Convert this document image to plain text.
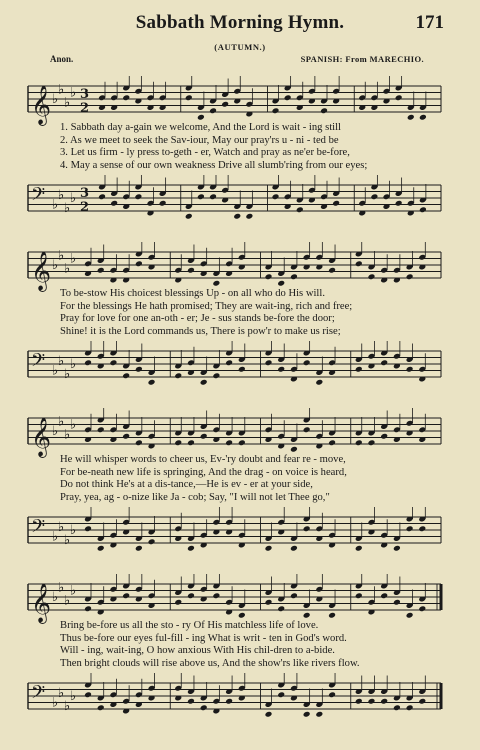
Sabbath Morning Hymn.	171
(AUTUMN.)
Anon.	SPANISH: From MARECHIO.
𝄞 ♭
♭
♭
♭ 3
2
1. Sabbath day a-gain we welcome, And the Lord is wait - ing still
2. As we meet to seek the Sav-iour, May our pray'rs u - ni - ted be
3. Let us firm - ly press to-geth - er, Watch and pray as ne'er be-fore,
4. May a sense of our own weakness Drive all slumb'ring from our eyes;
𝄢 ♭
♭
♭
♭ 3
2
𝄞 ♭
♭
♭
♭
To be-stow His choicest blessings Up - on all who do His will.
For the blessings He hath promised; They are wait-ing, rich and free;
Pray for love for one an-oth - er; Je - sus stands be-fore the door;
Shine! it is the Lord commands us, There is pow'r to make us rise;
𝄢 ♭
♭
♭
♭
𝄞 ♭
♭
♭
♭
He will whisper words to cheer us, Ev-'ry doubt and fear re - move,
For be-neath new life is springing, And the drag - on voice is heard,
Do not think He's at a dis-tance,—He is ev - er at your side,
Pray, yea, ag - o-nize like Ja - cob; Say, "I will not let Thee go,"
𝄢 ♭
♭
♭
♭
𝄞 ♭
♭
♭
♭
Bring be-fore us all the sto - ry Of His matchless life of love.
Thus be-fore our eyes ful-fill - ing What is writ - ten in God's word.
Will - ing, wait-ing, O how anxious With His chil-dren to a-bide.
Then bright clouds will rise above us, And the show'rs like rivers flow.
𝄢 ♭
♭
♭
♭
